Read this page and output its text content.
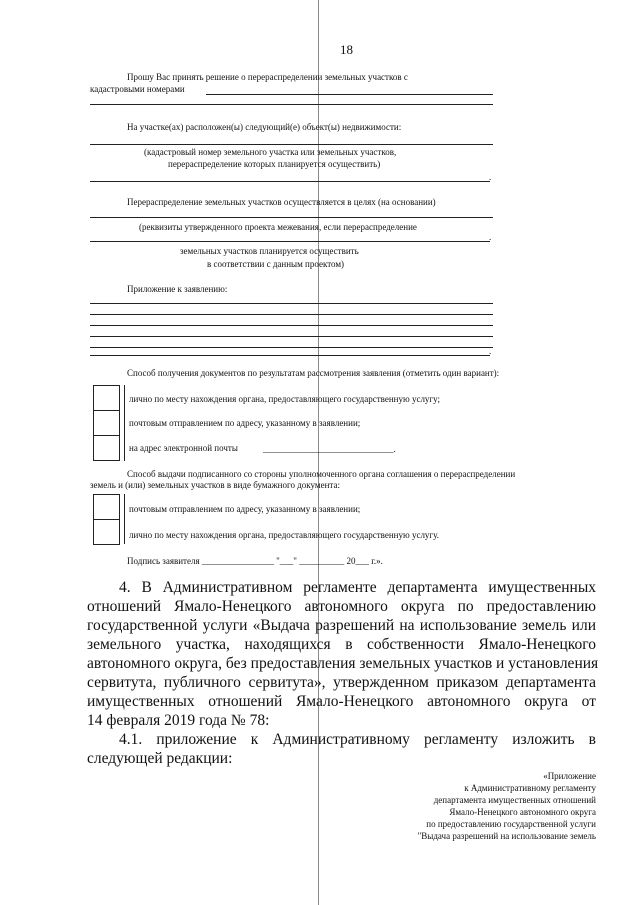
18
Прошу Вас принять решение о перераспределении земельных участков с
кадастровыми номерами
На участке(ах) расположен(ы) следующий(е) объект(ы) недвижимости:
(кадастровый номер земельного участка или земельных участков,
перераспределение которых планируется осуществить)
.
Перераспределение земельных участков осуществляется в целях (на основании)
(реквизиты утвержденного проекта межевания, если перераспределение
.
земельных участков планируется осуществить
в соответствии с данным проектом)
Приложение к заявлению:
.
Способ получения документов по результатам рассмотрения заявления (отметить один вариант):
лично по месту нахождения органа, предоставляющего государственную услугу;
почтовым отправлением по адресу, указанному в заявлении;
на адрес электронной почты	_____________________________.
Способ выдачи подписанного со стороны уполномоченного органа соглашения о перераспределении
земель и (или) земельных участков в виде бумажного документа:
почтовым отправлением по адресу, указанному в заявлении;
лично по месту нахождения органа, предоставляющего государственную услугу.
Подпись заявителя ________________ "___" __________ 20___ г.».
4. В Административном регламенте департамента имущественных
отношений Ямало-Ненецкого автономного округа по предоставлению
государственной услуги «Выдача разрешений на использование земель или
земельного участка, находящихся в собственности Ямало-Ненецкого
автономного округа, без предоставления земельных участков и установления
сервитута, публичного сервитута», утвержденном приказом департамента
имущественных отношений Ямало-Ненецкого автономного округа от
14 февраля 2019 года № 78:
4.1. приложение к Административному регламенту изложить в
следующей редакции:
«Приложение
к Административному регламенту
департамента имущественных отношений
Ямало-Ненецкого автономного округа
по предоставлению государственной услуги
"Выдача разрешений на использование земель
